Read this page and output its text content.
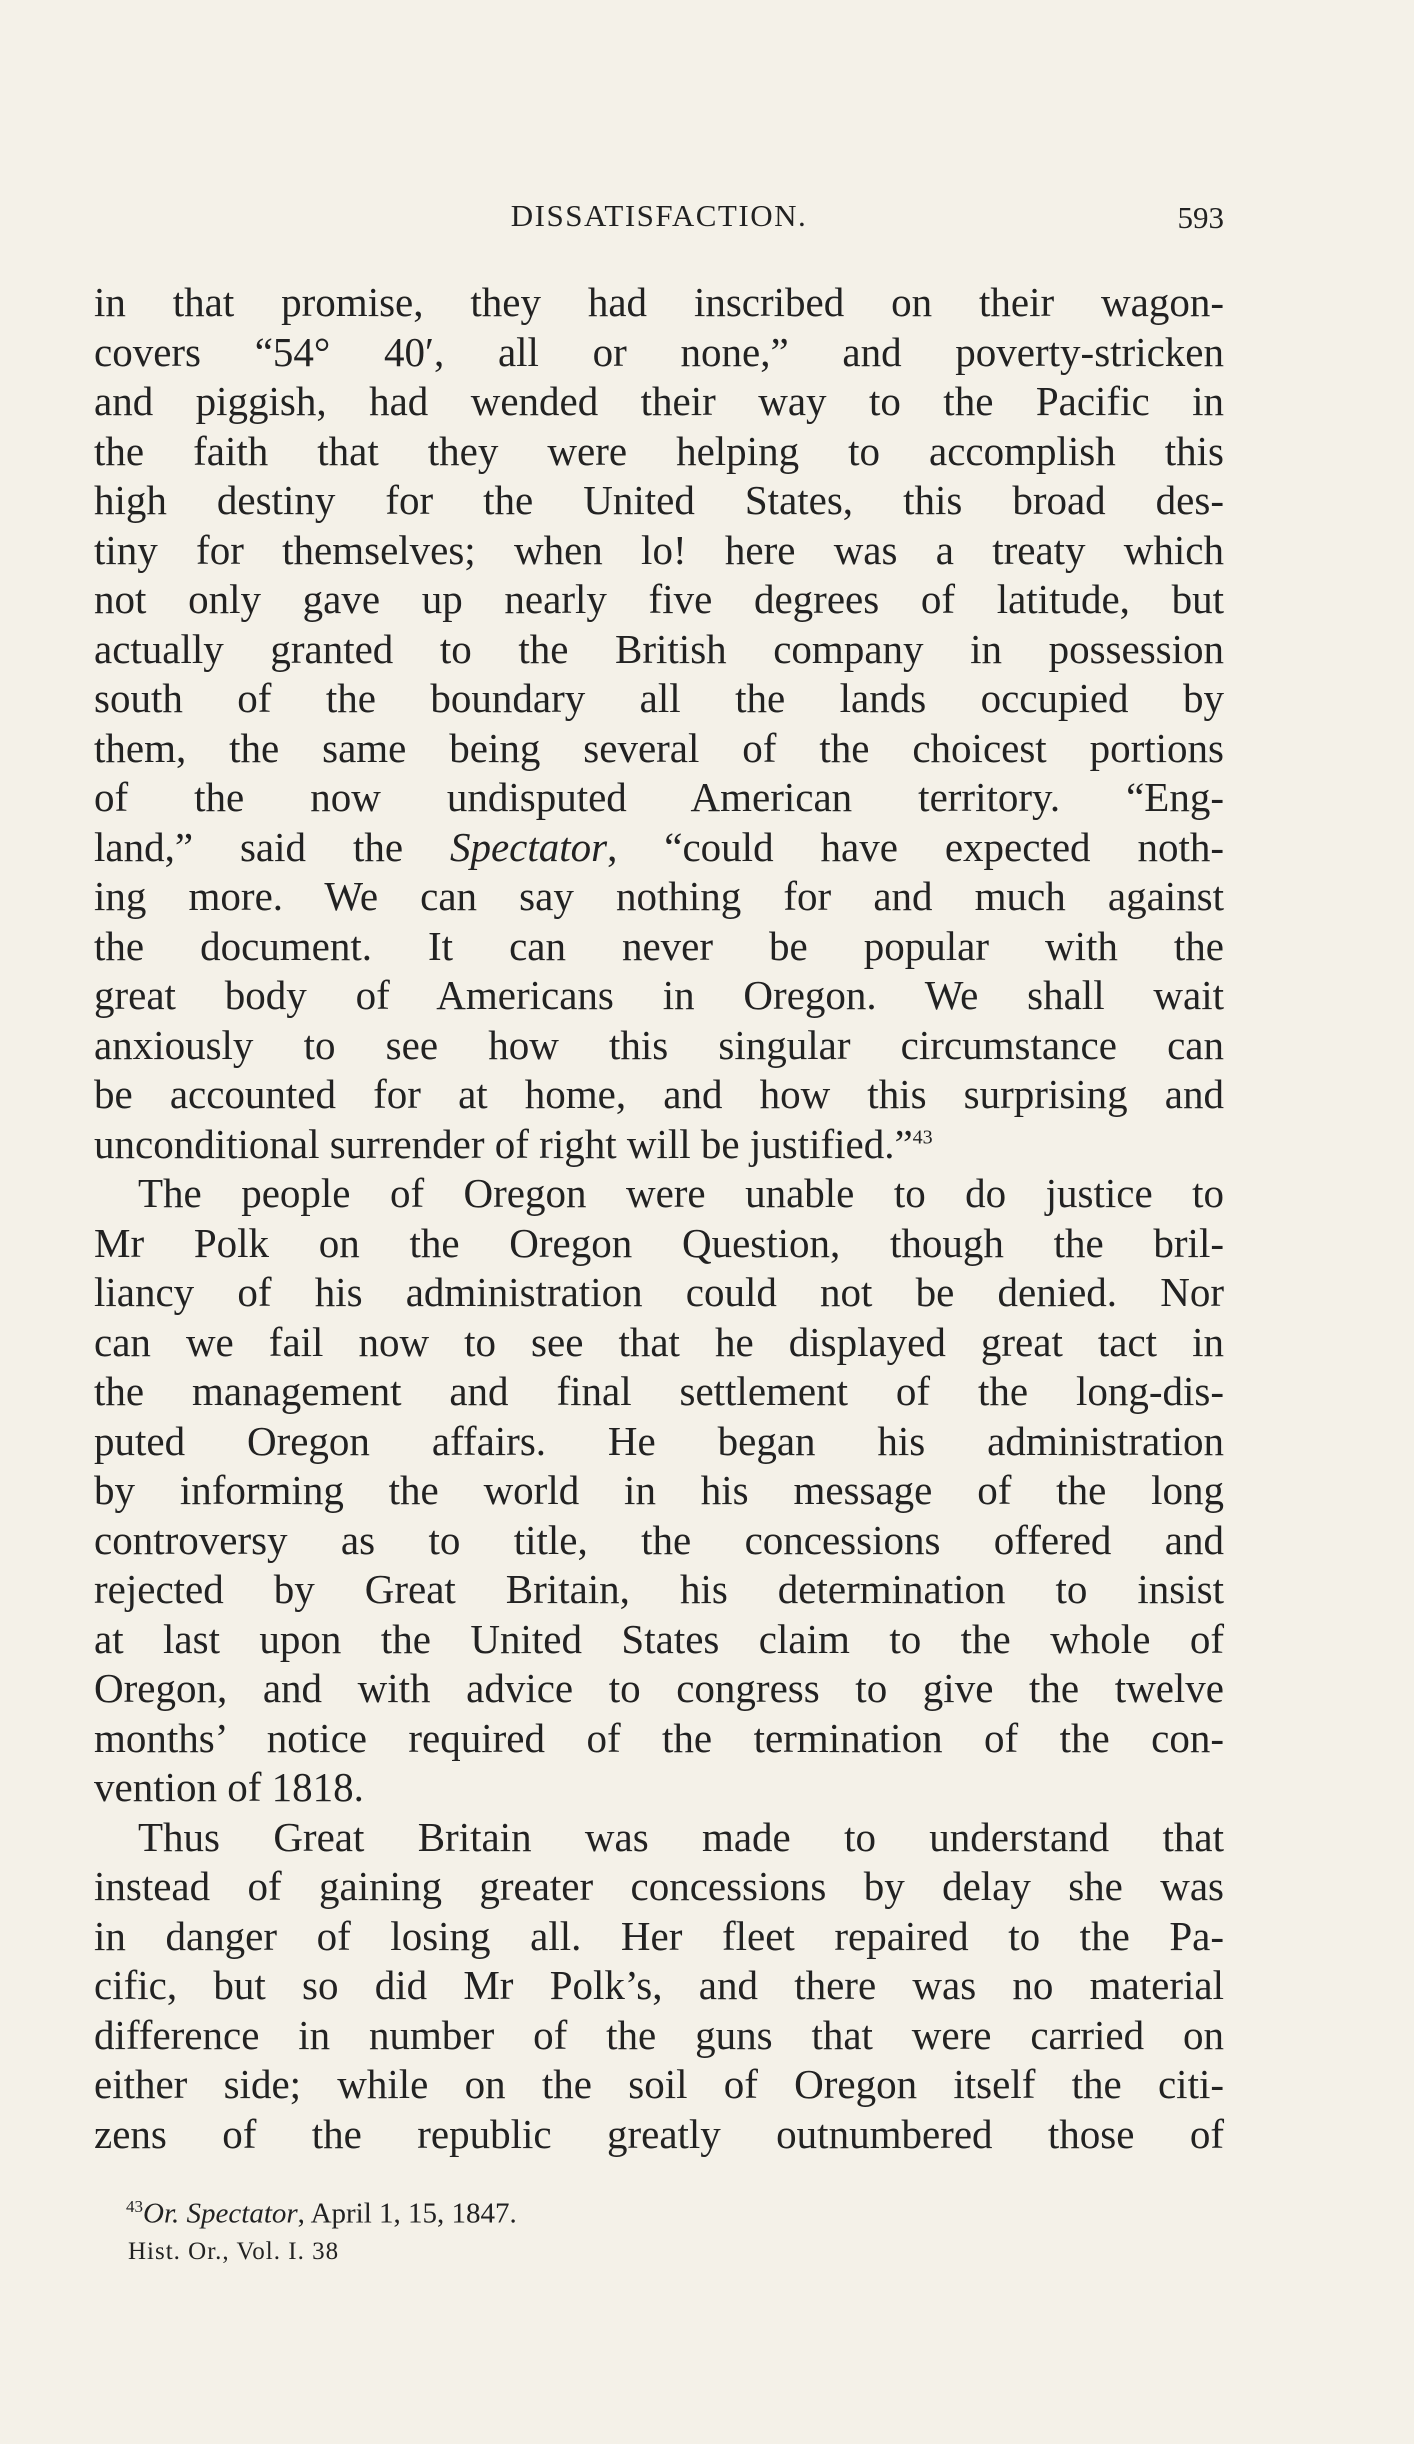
DISSATISFACTION.	593
in that promise, they had inscribed on their wagon-
covers “54° 40′, all or none,” and poverty-stricken
and piggish, had wended their way to the Pacific in
the faith that they were helping to accomplish this
high destiny for the United States, this broad des-
tiny for themselves; when lo! here was a treaty which
not only gave up nearly five degrees of latitude, but
actually granted to the British company in possession
south of the boundary all the lands occupied by
them, the same being several of the choicest portions
of the now undisputed American territory. “Eng-
land,” said the Spectator, “could have expected noth-
ing more. We can say nothing for and much against
the document. It can never be popular with the
great body of Americans in Oregon. We shall wait
anxiously to see how this singular circumstance can
be accounted for at home, and how this surprising and
unconditional surrender of right will be justified.”$^{43}$
The people of Oregon were unable to do justice to
Mr Polk on the Oregon Question, though the bril-
liancy of his administration could not be denied. Nor
can we fail now to see that he displayed great tact in
the management and final settlement of the long-dis-
puted Oregon affairs. He began his administration
by informing the world in his message of the long
controversy as to title, the concessions offered and
rejected by Great Britain, his determination to insist
at last upon the United States claim to the whole of
Oregon, and with advice to congress to give the twelve
months’ notice required of the termination of the con-
vention of 1818.
Thus Great Britain was made to understand that
instead of gaining greater concessions by delay she was
in danger of losing all. Her fleet repaired to the Pa-
cific, but so did Mr Polk’s, and there was no material
difference in number of the guns that were carried on
either side; while on the soil of Oregon itself the citi-
zens of the republic greatly outnumbered those of
$^{43}$Or. Spectator, April 1, 15, 1847.
Hist. Or., Vol. I. 38
